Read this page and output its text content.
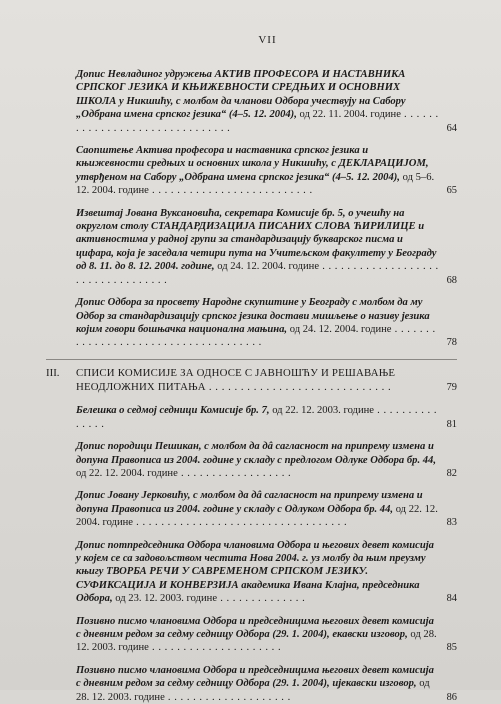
VII
Допис Невладиног удружења АКТИВ ПРОФЕСОРА И НАСТАВНИКА СРПСКОГ ЈЕЗИКА И КЊИЖЕВНОСТИ СРЕДЊИХ И ОСНОВНИХ ШКОЛА у Никшићу, с молбом да чланови Одбора учествују на Сабору „Одбрана имена српског језика“ (4–5. 12. 2004), од 22. 11. 2004. године . . . . . . . . . . . . . . . . . . . . . . . . . . . . . . .	64
Саопштење Актива професора и наставника српског језика и књижевности средњих и основних школа у Никшићу, с ДЕКЛАРАЦИЈОМ, утврђеном на Сабору „Одбрана имена српског језика“ (4–5. 12. 2004), од 5–6. 12. 2004. године . . . . . . . . . . . . . . . . . . . . . . . . . .	65
Извештај Јована Вуксановића, секретара Комисије бр. 5, о учешћу на округлом столу СТАНДАРДИЗАЦИЈА ПИСАНИХ СЛОВА ЋИРИЛИЦЕ и активностима у радној групи за стандардизацију букварског писма и цифара, која је заседала четири пута на Учитељском факултету у Београду од 8. 11. до 8. 12. 2004. године, од 24. 12. 2004. године . . . . . . . . . . . . . . . . . . . . . . . . . . . . . . . . . .	68
Допис Одбора за просвету Народне скупштине у Београду с молбом да му Одбор за стандардизацију српског језика достави мишљење о називу језика којим говори бошњачка национална мањина, од 24. 12. 2004. године . . . . . . . . . . . . . . . . . . . . . . . . . . . . . . . . . . . . .	78
III.	СПИСИ КОМИСИЈЕ ЗА ОДНОСЕ С ЈАВНОШЋУ И РЕШАВАЊЕ НЕОДЛОЖНИХ ПИТАЊА . . . . . . . . . . . . . . . . . . . . . . . . . . . . .	79
Белешка о седмој седници Комисије бр. 7, од 22. 12. 2003. године . . . . . . . . . . . . . . .	81
Допис породици Пешикан, с молбом да дâ сагласност на припрему измена и допуна Правописа из 2004. године у складу с предлогом Одлуке Одбора бр. 44, од 22. 12. 2004. године . . . . . . . . . . . . . . . . . .	82
Допис Јовану Јерковићу, с молбом да дâ сагласност на припрему измена и допуна Правописа из 2004. године у складу с Одлуком Одбора бр. 44, од 22. 12. 2004. године . . . . . . . . . . . . . . . . . . . . . . . . . . . . . . . . . .	83
Допис потпредседника Одбора члановима Одбора и његових девет комисија у којем се са задовољством честита Нова 2004. г. уз молбу да њим преузму књигу ТВОРБА РЕЧИ У САВРЕМЕНОМ СРПСКОМ ЈЕЗИКУ. СУФИКСАЦИЈА И КОНВЕРЗИЈА академика Ивана Клајна, председника Одбора, од 23. 12. 2003. године . . . . . . . . . . . . . .	84
Позивно писмо члановима Одбора и председницима његових девет комисија с дневним редом за седму седницу Одбора (29. 1. 2004), екавски изговор, од 28. 12. 2003. године . . . . . . . . . . . . . . . . . . . . .	85
Позивно писмо члановима Одбора и председницима његових девет комисија с дневним редом за седму седницу Одбора (29. 1. 2004), ијекавски изговор, од 28. 12. 2003. године . . . . . . . . . . . . . . . . . . . .	86
